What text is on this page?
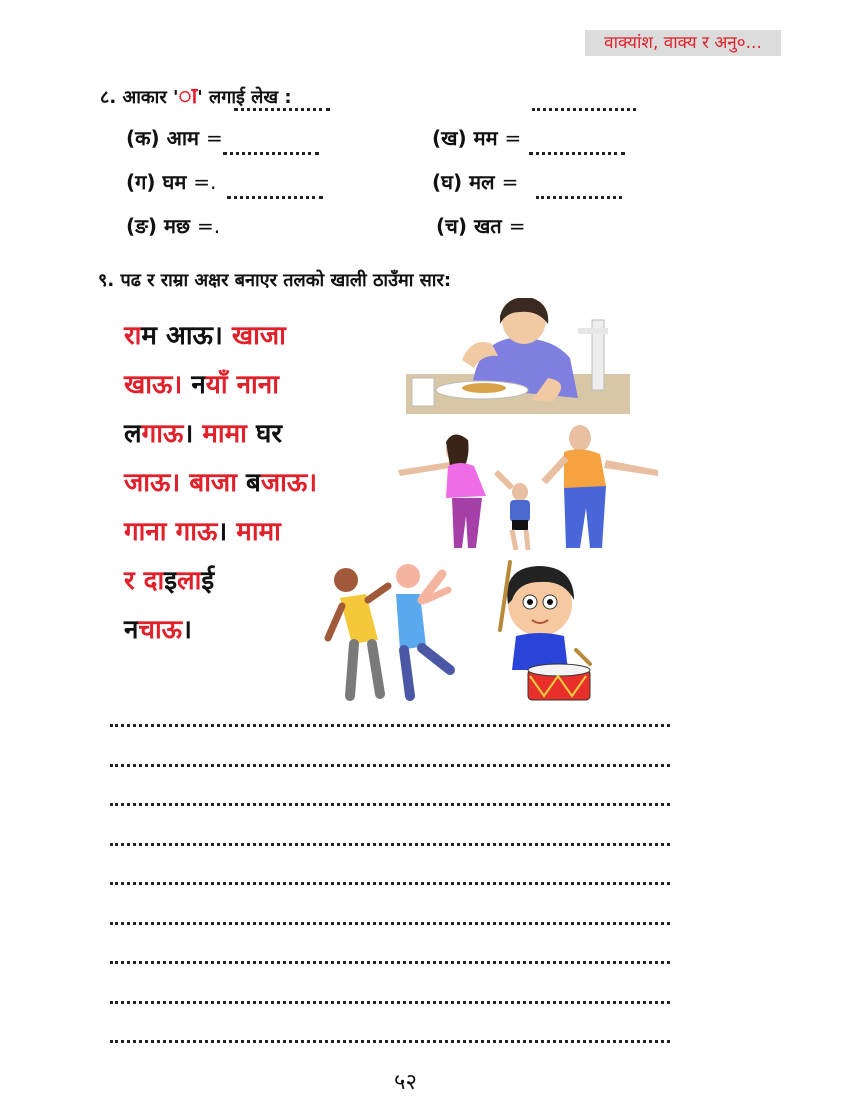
वाक्यांश, वाक्य र अनु०...
८. आकार 'ा' लगाई लेख :
(क) आम =	(ख) मम =
(ग) घम =.	(घ) मल =
(ङ) मछ =.	(च) खत =
९. पढ र राम्रा अक्षर बनाएर तलको खाली ठाउँमा सार:
राम आऊ। खाजा
खाऊ। नयाँ नाना
लगाऊ। मामा घर
जाऊ। बाजा बजाऊ।
गाना गाऊ। मामा
र दाइलाई
नचाऊ।
५२
